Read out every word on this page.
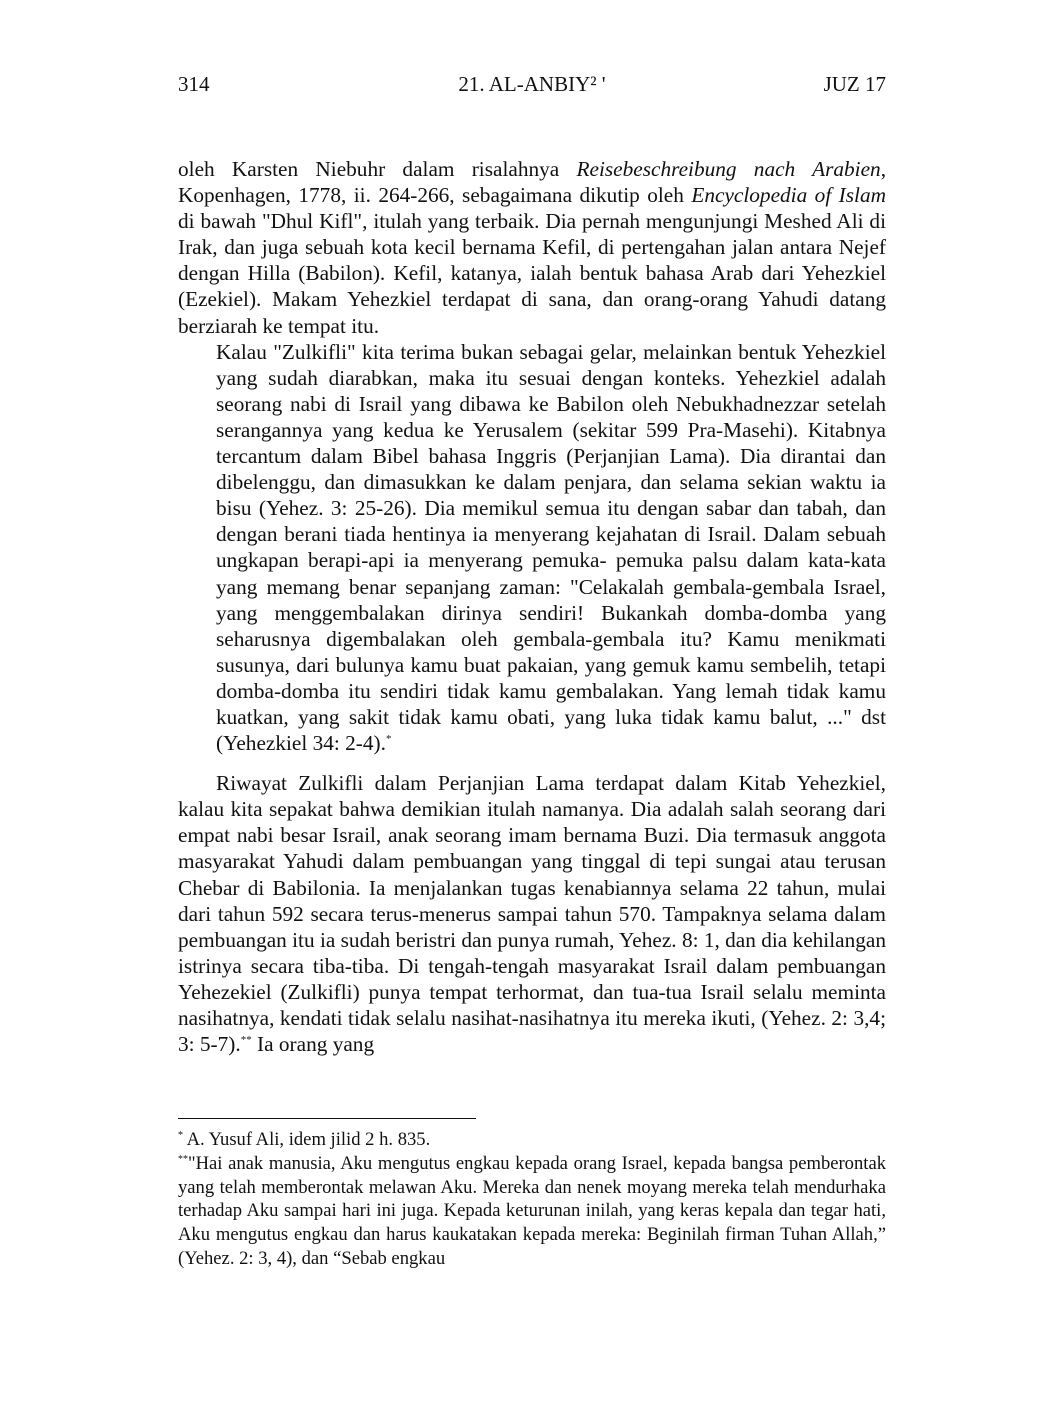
314	21. AL-ANBIY² '	JUZ 17

oleh Karsten Niebuhr dalam risalahnya Reisebeschreibung nach Arabien, Kopenhagen, 1778, ii. 264-266, sebagaimana dikutip oleh Encyclopedia of Islam di bawah "Dhul Kifl", itulah yang terbaik. Dia pernah mengunjungi Meshed Ali di Irak, dan juga sebuah kota kecil bernama Kefil, di pertengahan jalan antara Nejef dengan Hilla (Babilon). Kefil, katanya, ialah bentuk bahasa Arab dari Yehezkiel (Ezekiel). Makam Yehezkiel terdapat di sana, dan orang-orang Yahudi datang berziarah ke tempat itu.

Kalau "Zulkifli" kita terima bukan sebagai gelar, melainkan bentuk Yehezkiel yang sudah diarabkan, maka itu sesuai dengan konteks. Yehezkiel adalah seorang nabi di Israil yang dibawa ke Babilon oleh Nebukhadnezzar setelah serangannya yang kedua ke Yerusalem (sekitar 599 Pra-Masehi). Kitabnya tercantum dalam Bibel bahasa Inggris (Perjanjian Lama). Dia dirantai dan dibelenggu, dan dimasukkan ke dalam penjara, dan selama sekian waktu ia bisu (Yehez. 3: 25-26). Dia memikul semua itu dengan sabar dan tabah, dan dengan berani tiada hentinya ia menyerang kejahatan di Israil. Dalam sebuah ungkapan berapi-api ia menyerang pemuka- pemuka palsu dalam kata-kata yang memang benar sepanjang zaman: "Celakalah gembala-gembala Israel, yang menggembalakan dirinya sendiri! Bukankah domba-domba yang seharusnya digembalakan oleh gembala-gembala itu? Kamu menikmati susunya, dari bulunya kamu buat pakaian, yang gemuk kamu sembelih, tetapi domba-domba itu sendiri tidak kamu gembalakan. Yang lemah tidak kamu kuatkan, yang sakit tidak kamu obati, yang luka tidak kamu balut, ..." dst (Yehezkiel 34: 2-4).*

Riwayat Zulkifli dalam Perjanjian Lama terdapat dalam Kitab Yehezkiel, kalau kita sepakat bahwa demikian itulah namanya. Dia adalah salah seorang dari empat nabi besar Israil, anak seorang imam bernama Buzi. Dia termasuk anggota masyarakat Yahudi dalam pembuangan yang tinggal di tepi sungai atau terusan Chebar di Babilonia. Ia menjalankan tugas kenabiannya selama 22 tahun, mulai dari tahun 592 secara terus-menerus sampai tahun 570. Tampaknya selama dalam pembuangan itu ia sudah beristri dan punya rumah, Yehez. 8: 1, dan dia kehilangan istrinya secara tiba-tiba. Di tengah-tengah masyarakat Israil dalam pembuangan Yehezekiel (Zulkifli) punya tempat terhormat, dan tua-tua Israil selalu meminta nasihatnya, kendati tidak selalu nasihat-nasihatnya itu mereka ikuti, (Yehez. 2: 3,4; 3: 5-7).** Ia orang yang

* A. Yusuf Ali, idem jilid 2 h. 835.

**"Hai anak manusia, Aku mengutus engkau kepada orang Israel, kepada bangsa pemberontak yang telah memberontak melawan Aku. Mereka dan nenek moyang mereka telah mendurhaka terhadap Aku sampai hari ini juga. Kepada keturunan inilah, yang keras kepala dan tegar hati, Aku mengutus engkau dan harus kaukatakan kepada mereka: Beginilah firman Tuhan Allah,” (Yehez. 2: 3, 4), dan “Sebab engkau
